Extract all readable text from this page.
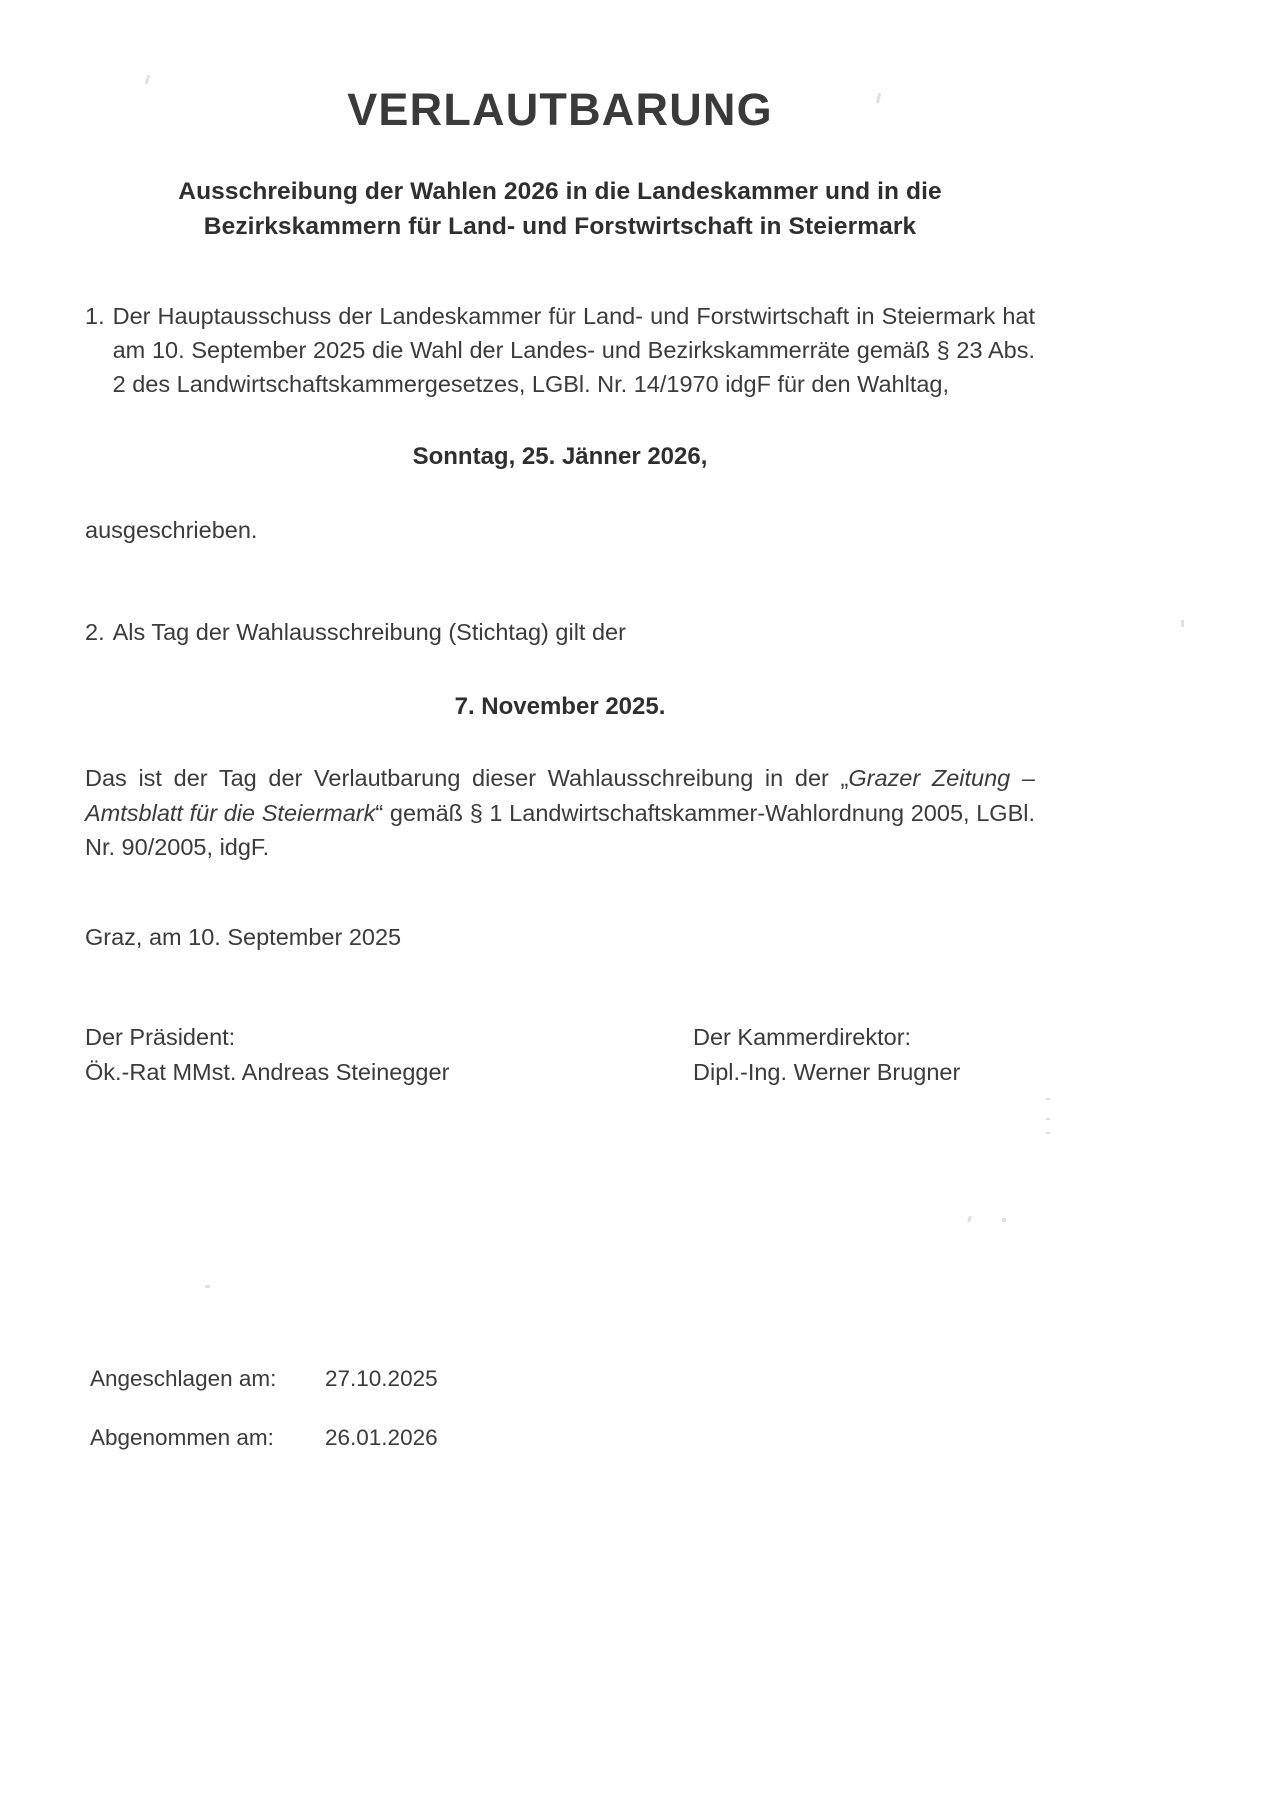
VERLAUTBARUNG
Ausschreibung der Wahlen 2026 in die Landeskammer und in die
Bezirkskammern für Land- und Forstwirtschaft in Steiermark
1. Der Hauptausschuss der Landeskammer für Land- und Forstwirtschaft in Steiermark hat am 10. September 2025 die Wahl der Landes- und Bezirkskammerräte gemäß § 23 Abs. 2 des Landwirtschaftskammergesetzes, LGBl. Nr. 14/1970 idgF für den Wahltag,
Sonntag, 25. Jänner 2026,
ausgeschrieben.
2. Als Tag der Wahlausschreibung (Stichtag) gilt der
7. November 2025.
Das ist der Tag der Verlautbarung dieser Wahlausschreibung in der „Grazer Zeitung – Amtsblatt für die Steiermark“ gemäß § 1 Landwirtschaftskammer-Wahlordnung 2005, LGBl. Nr. 90/2005, idgF.
Graz, am 10. September 2025
Der Präsident:
Ök.-Rat MMst. Andreas Steinegger
Der Kammerdirektor:
Dipl.-Ing. Werner Brugner
Angeschlagen am:	27.10.2025
Abgenommen am:	26.01.2026
